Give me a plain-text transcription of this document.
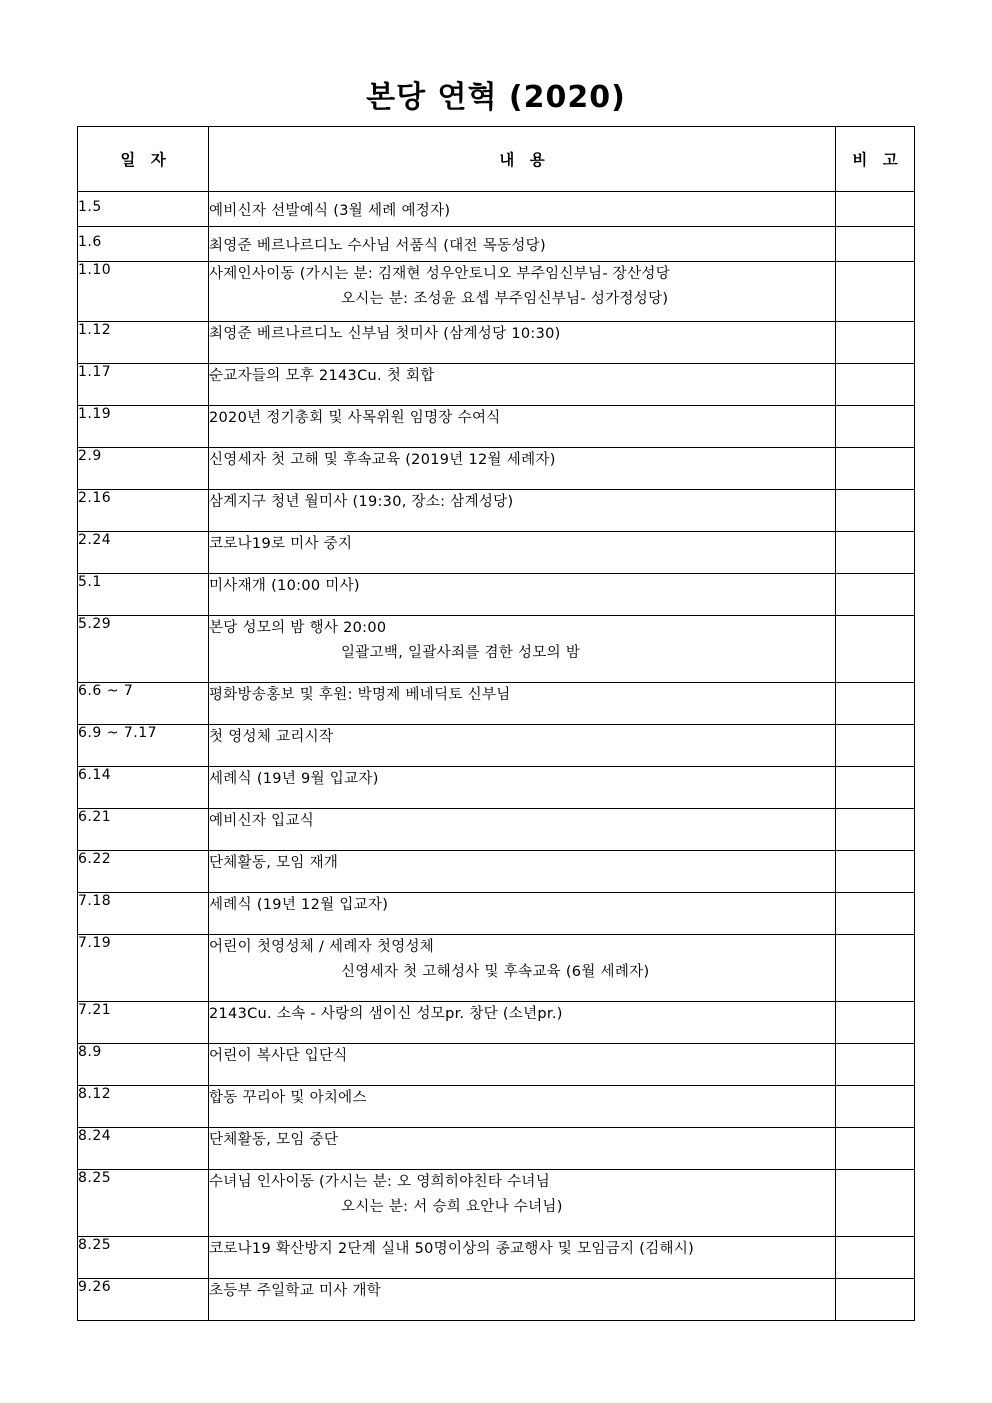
본당 연혁 (2020)
일 자	내 용	비 고
1.5	예비신자 선발예식 (3월 세례 예정자)	

1.6	최영준 베르나르디노 수사님 서품식 (대전 목동성당)	

1.10	사제인사이동 (가시는 분: 김재현 성우안토니오 부주임신부님- 장산성당
오시는 분: 조성윤 요셉 부주임신부님- 성가정성당)	

1.12	최영준 베르나르디노 신부님 첫미사 (삼계성당 10:30)	

1.17	순교자들의 모후 2143Cu. 첫 회합	

1.19	2020년 정기총회 및 사목위원 임명장 수여식	

2.9	신영세자 첫 고해 및 후속교육 (2019년 12월 세례자)	

2.16	삼계지구 청년 월미사 (19:30, 장소: 삼계성당)	

2.24	코로나19로 미사 중지	

5.1	미사재개 (10:00 미사)	

5.29	본당 성모의 밤 행사 20:00
일괄고백, 일괄사죄를 겸한 성모의 밤	

6.6 ~ 7	평화방송홍보 및 후원: 박명제 베네딕토 신부님	

6.9 ~ 7.17	첫 영성체 교리시작	

6.14	세례식 (19년 9월 입교자)	

6.21	예비신자 입교식	

6.22	단체활동, 모임 재개	

7.18	세례식 (19년 12월 입교자)	

7.19	어린이 첫영성체 / 세례자 첫영성체
신영세자 첫 고해성사 및 후속교육 (6월 세례자)	

7.21	2143Cu. 소속 - 사랑의 샘이신 성모pr. 창단 (소년pr.)	

8.9	어린이 복사단 입단식	

8.12	합동 꾸리아 및 아치에스	

8.24	단체활동, 모임 중단	

8.25	수녀님 인사이동 (가시는 분: 오 영희히야친타 수녀님
오시는 분: 서 승희 요안나 수녀님)	

8.25	코로나19 확산방지 2단계 실내 50명이상의 종교행사 및 모임금지 (김해시)	

9.26	초등부 주일학교 미사 개학	
